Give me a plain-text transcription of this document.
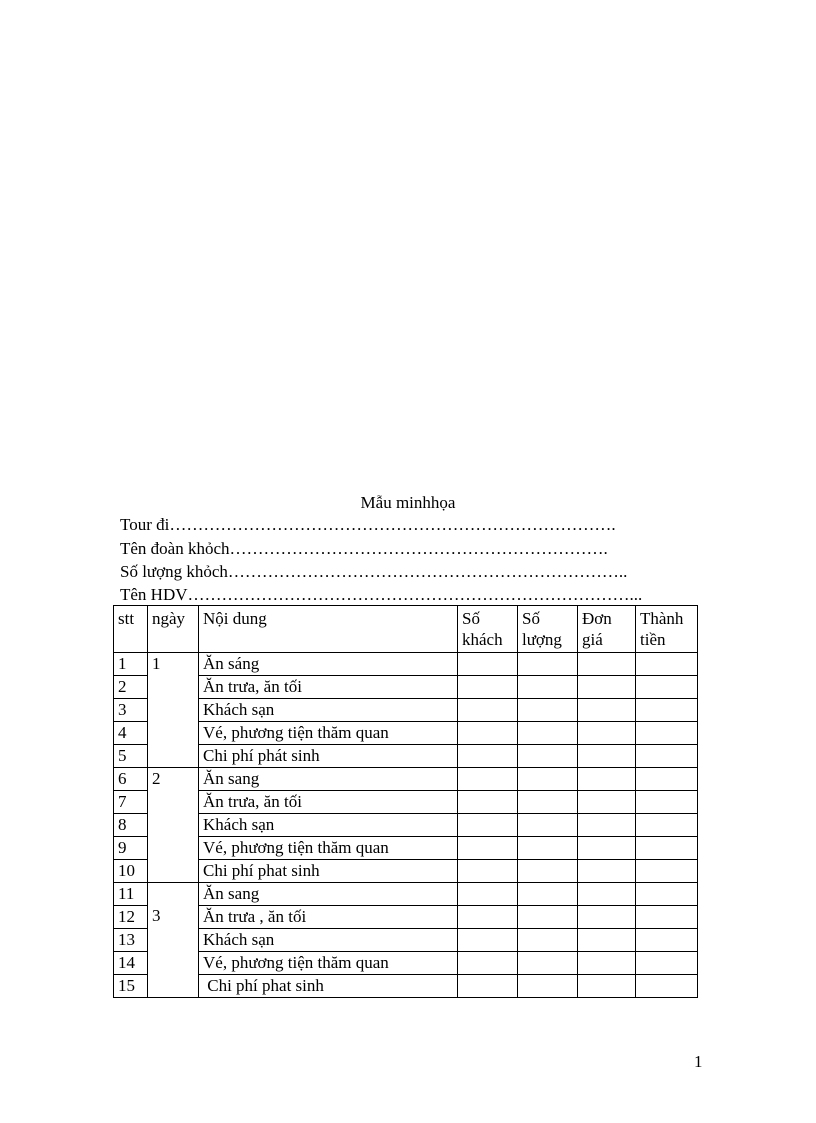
Mẫu minhhọa
Tour đi…………………………………………………………………….
Tên đoàn khỏch………………………………………………………….
Số lượng khỏch……………………………………………………………..
Tên HDV……………………………………………………………………...
stt	ngày	Nội dung	Số khách	Số lượng	Đơn giá	Thành tiền
1	1	Ăn sáng				
2		Ăn trưa, ăn tối				
3		Khách sạn				
4		Vé, phương tiện thăm quan				
5		Chi phí phát sinh				
6	2	Ăn sang				
7		Ăn trưa, ăn tối				
8		Khách sạn				
9		Vé, phương tiện thăm quan				
10		Chi phí phat sinh				
11	3	Ăn sang				
12		Ăn trưa , ăn tối				
13		Khách sạn				
14		Vé, phương tiện thăm quan				
15		Chi phí phat sinh				
1
